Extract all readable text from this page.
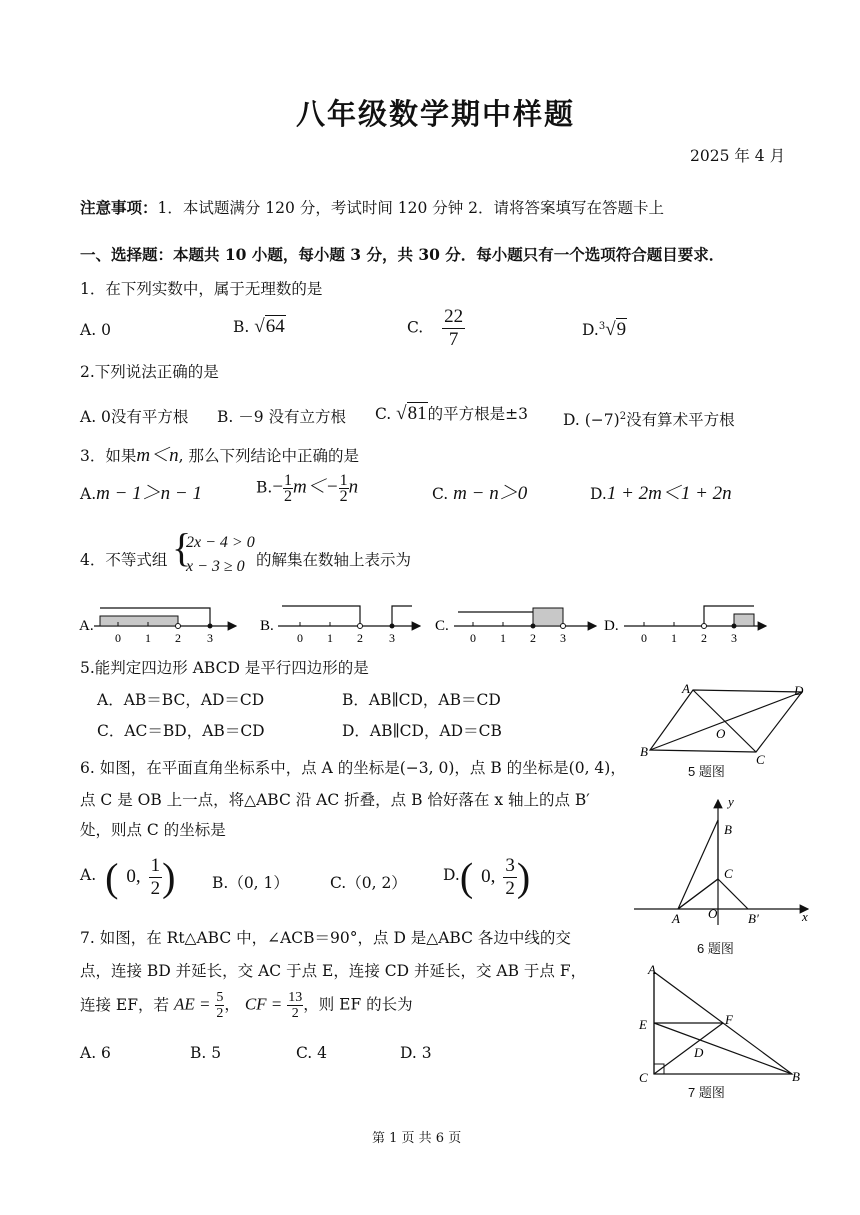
八年级数学期中样题
2025 年 4 月
注意事项：1．本试题满分 120 分，考试时间 120 分钟 2．请将答案填写在答题卡上
一、选择题：本题共 10 小题，每小题 3 分，共 30 分．每小题只有一个选项符合题目要求．
1．在下列实数中，属于无理数的是
A. 0	B. √64	C. $\frac{22}{7}$	D.$^3$√9
2.下列说法正确的是
A. 0没有平方根 B. －9 没有立方根 C. √81的平方根是±3 D. $(-7)^2$没有算术平方根
3．如果m＜n, 那么下列结论中正确的是
A.m − 1＞n − 1	$B.- \frac{1}{2} m<- \frac{1}{2}$ n	C. m − n＞0	D.1 + 2m＜1 + 2n
4．不等式组 {
2x − 4 > 0
x − 3 ≥ 0 的解集在数轴上表示为
A.
0 1 2 3
B.
0 1 2 3
C.
0 1 2 3
D.
0 1 2 3
5.能判定四边形 ABCD 是平行四边形的是
A．AB＝BC，AD＝CD	B．AB∥CD，AB＝CD
C．AC＝BD，AB＝CD	D．AB∥CD，AD＝CB
A
B
C
D
O
5 题图
6. 如图，在平面直角坐标系中，点 A 的坐标是(−3, 0)，点 B 的坐标是(0, 4)，
点 C 是 OB 上一点，将△ABC 沿 AC 折叠，点 B 恰好落在 x 轴上的点 B′
处，则点 C 的坐标是
A. ( 0, $\frac{1}{2}$ ) B.（0, 1）	C.（0, 2） D.( 0, $\frac{3}{2}$ )
A O B′
B
C
x
y
6 题图
7. 如图，在 Rt△ABC 中，∠ACB＝90°，点 D 是△ABC 各边中线的交
点，连接 BD 并延长，交 AC 于点 E，连接 CD 并延长，交 AB 于点 F，
连接 EF，若 AE = $\frac{5}{2}$ ， CF = $\frac{13}{2}$ ，则 EF 的长为
A. 6	B. 5	C. 4	D. 3
A
E	F
D
C	B
7 题图
第 1 页 共 6 页
